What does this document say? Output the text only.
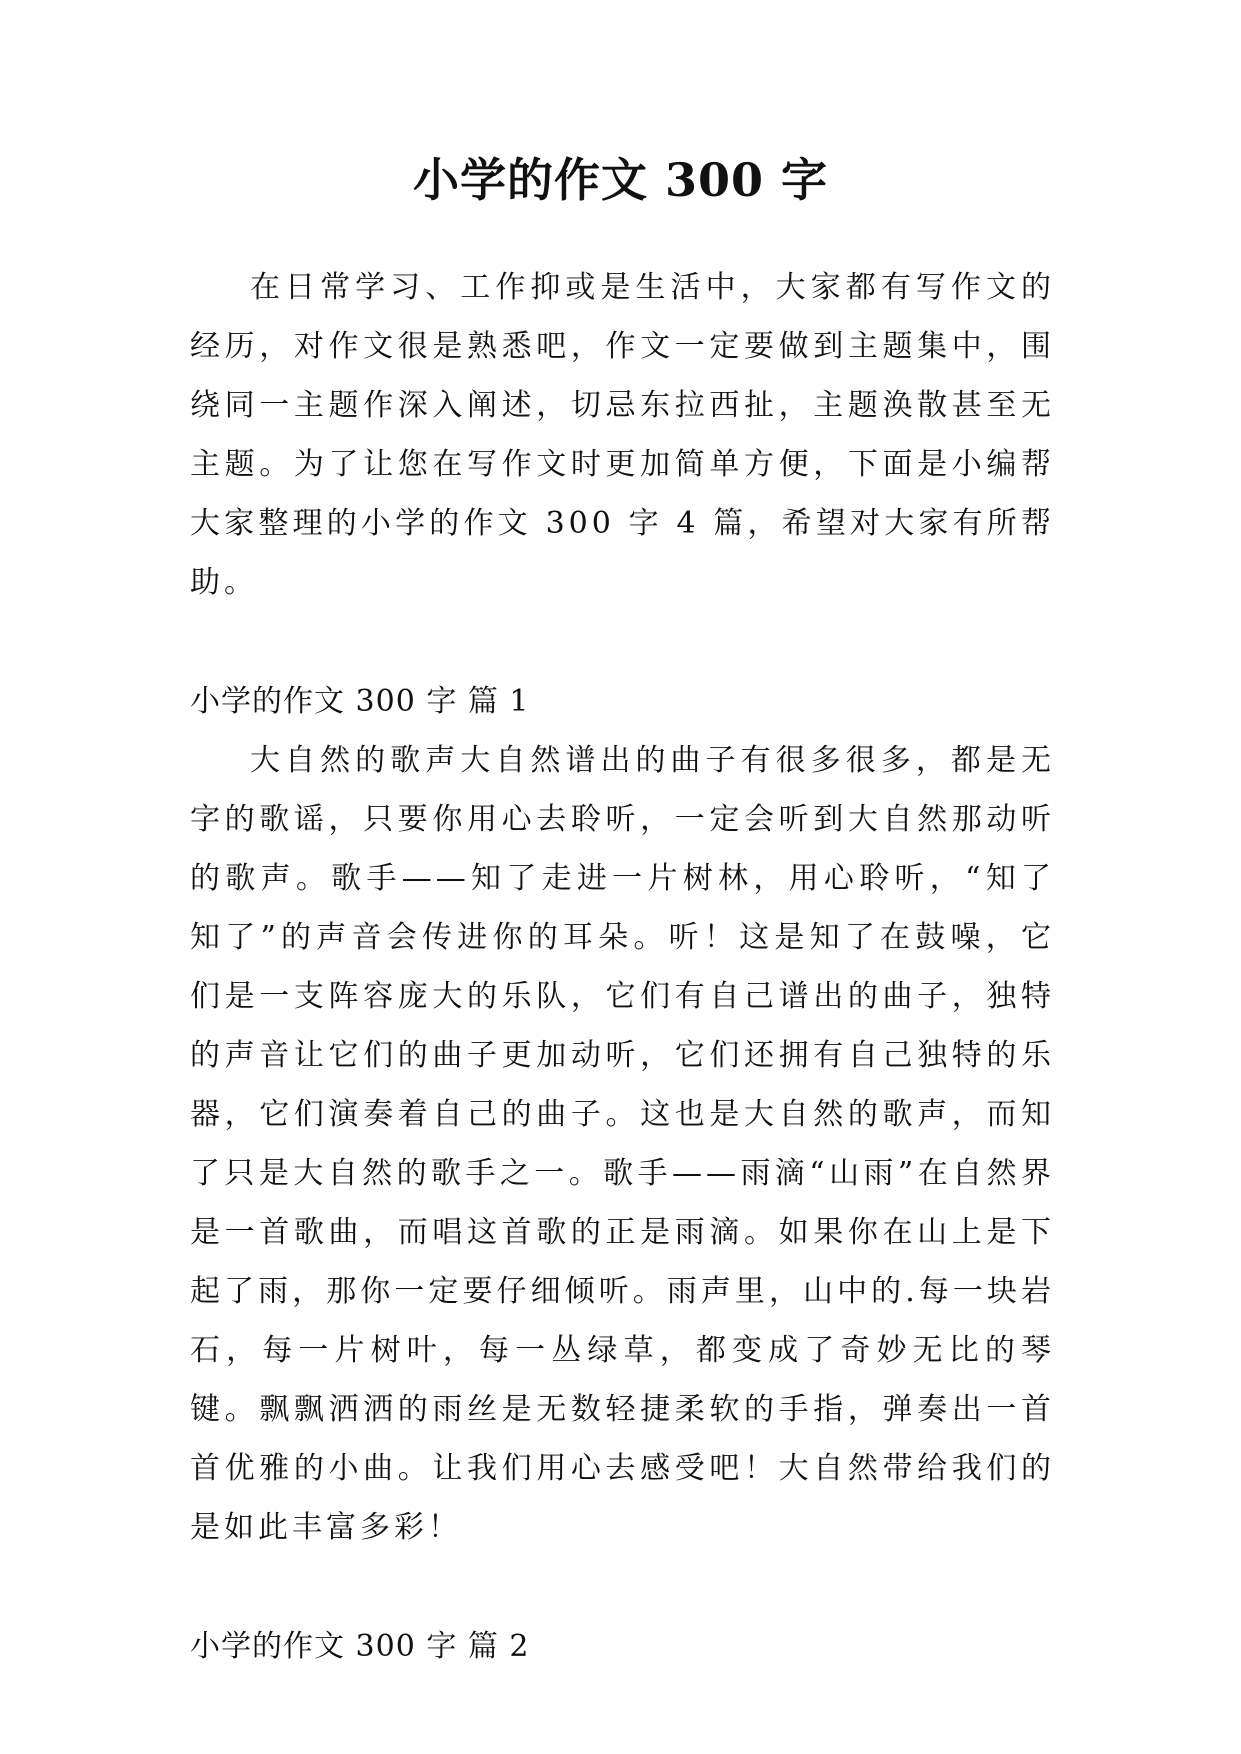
小学的作文 300 字

在日常学习、工作抑或是生活中，大家都有写作文的经历，对作文很是熟悉吧，作文一定要做到主题集中，围绕同一主题作深入阐述，切忌东拉西扯，主题涣散甚至无主题。为了让您在写作文时更加简单方便，下面是小编帮大家整理的小学的作文 300 字 4 篇，希望对大家有所帮助。

小学的作文 300 字 篇 1

大自然的歌声大自然谱出的曲子有很多很多，都是无字的歌谣，只要你用心去聆听，一定会听到大自然那动听的歌声。歌手——知了走进一片树林，用心聆听，“知了知了”的声音会传进你的耳朵。听！这是知了在鼓噪，它们是一支阵容庞大的乐队，它们有自己谱出的曲子，独特的声音让它们的曲子更加动听，它们还拥有自己独特的乐器，它们演奏着自己的曲子。这也是大自然的歌声，而知了只是大自然的歌手之一。歌手——雨滴“山雨”在自然界是一首歌曲，而唱这首歌的正是雨滴。如果你在山上是下起了雨，那你一定要仔细倾听。雨声里，山中的.每一块岩石，每一片树叶，每一丛绿草，都变成了奇妙无比的琴键。飘飘洒洒的雨丝是无数轻捷柔软的手指，弹奏出一首首优雅的小曲。让我们用心去感受吧！大自然带给我们的是如此丰富多彩！

小学的作文 300 字 篇 2
